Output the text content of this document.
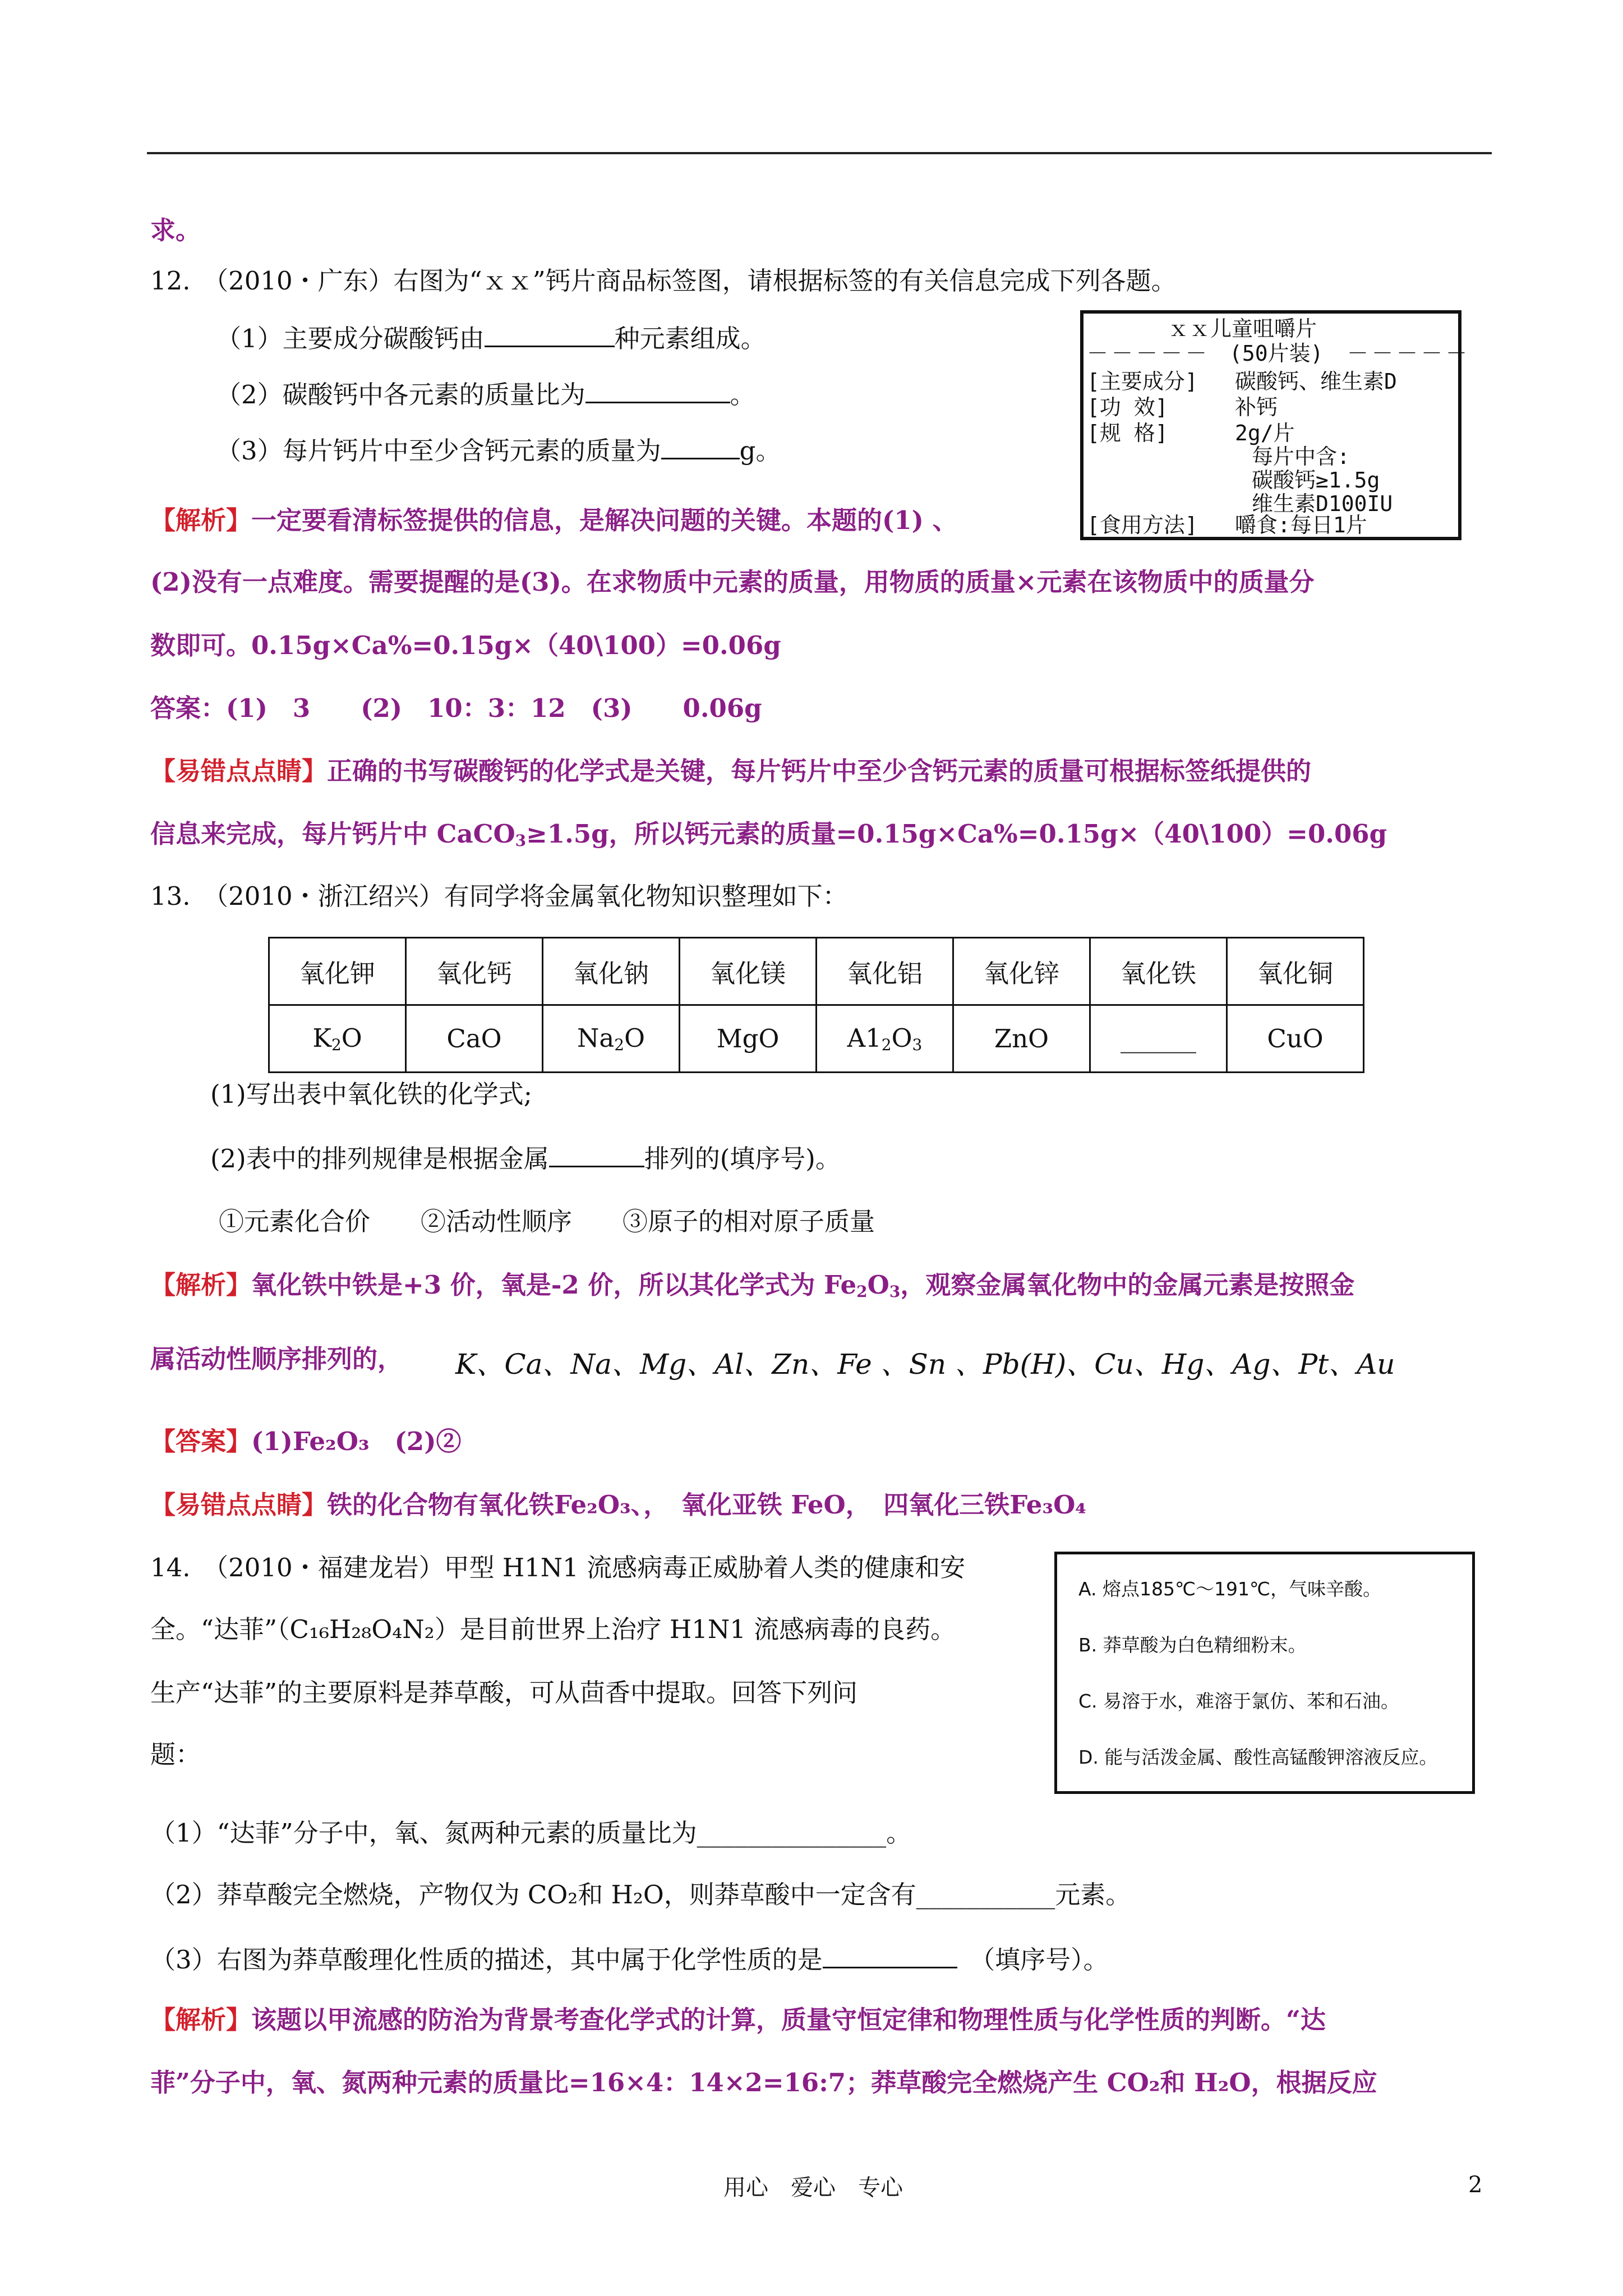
求。
12.　（2010・广东）右图为“ｘｘ”钙片商品标签图，请根据标签的有关信息完成下列各题。
（1）主要成分碳酸钙由	种元素组成。
（2）碳酸钙中各元素的质量比为	。
（3）每片钙片中至少含钙元素的质量为	g。
ｘｘ儿童咀嚼片
－－－－－ (50片装) －－－－－
[主要成分] 碳酸钙、维生素D
[功 效]	补钙
[规 格]	2g/片
每片中含:
碳酸钙≥1.5g
维生素D100IU
[食用方法] 嚼食:每日1片
【解析】一定要看清标签提供的信息，是解决问题的关键。本题的(1) 、
(2)没有一点难度。需要提醒的是(3)。在求物质中元素的质量，用物质的质量×元素在该物质中的质量分
数即可。0.15g×Ca%=0.15g×（40\100）=0.06g
答案：(1)　3　　(2)　10：3：12　(3)　　0.06g
【易错点点睛】正确的书写碳酸钙的化学式是关键，每片钙片中至少含钙元素的质量可根据标签纸提供的
信息来完成，每片钙片中 CaCO$_3$≥1.5g，所以钙元素的质量=0.15g×Ca%=0.15g×（40\100）=0.06g
13.　（2010・浙江绍兴）有同学将金属氧化物知识整理如下：
氧化钾	氧化钙	氧化钠	氧化镁	氧化铝	氧化锌	氧化铁	氧化铜
$K_2O$	CaO	$Na_2O$	MgO	$A1_2O_3$	ZnO	______	CuO
(1)写出表中氧化铁的化学式;
(2)表中的排列规律是根据金属	排列的(填序号)。
①元素化合价　　②活动性顺序　　③原子的相对原子质量
【解析】氧化铁中铁是+3 价，氧是-2 价，所以其化学式为 $Fe_2O_3$，观察金属氧化物中的金属元素是按照金
属活动性顺序排列的， K、Ca、Na、Mg、Al、Zn、Fe 、Sn 、Pb(H)、Cu、Hg、Ag、Pt、Au
【答案】(1)Fe₂O₃　(2)②
【易错点点睛】铁的化合物有氧化铁Fe₂O₃、，　氧化亚铁 FeO，　四氧化三铁Fe₃O₄
14.　（2010・福建龙岩）甲型 H1N1 流感病毒正威胁着人类的健康和安
全。“达菲”（C₁₆H₂₈O₄N₂）是目前世界上治疗 H1N1 流感病毒的良药。
生产“达菲”的主要原料是莽草酸，可从茴香中提取。回答下列问
题：
A. 熔点185℃～191℃，气味辛酸。
B. 莽草酸为白色精细粉末。
C. 易溶于水，难溶于氯仿、苯和石油。
D. 能与活泼金属、酸性高锰酸钾溶液反应。
（1）“达菲”分子中，氧、氮两种元素的质量比为_______________。
（2）莽草酸完全燃烧，产物仅为 CO₂和 H₂O，则莽草酸中一定含有___________元素。
（3）右图为莽草酸理化性质的描述，其中属于化学性质的是	　（填序号）。
【解析】该题以甲流感的防治为背景考查化学式的计算，质量守恒定律和物理性质与化学性质的判断。“达
菲”分子中，氧、氮两种元素的质量比=16×4：14×2=16:7；莽草酸完全燃烧产生 CO₂和 H₂O，根据反应
用心　爱心　专心	2
